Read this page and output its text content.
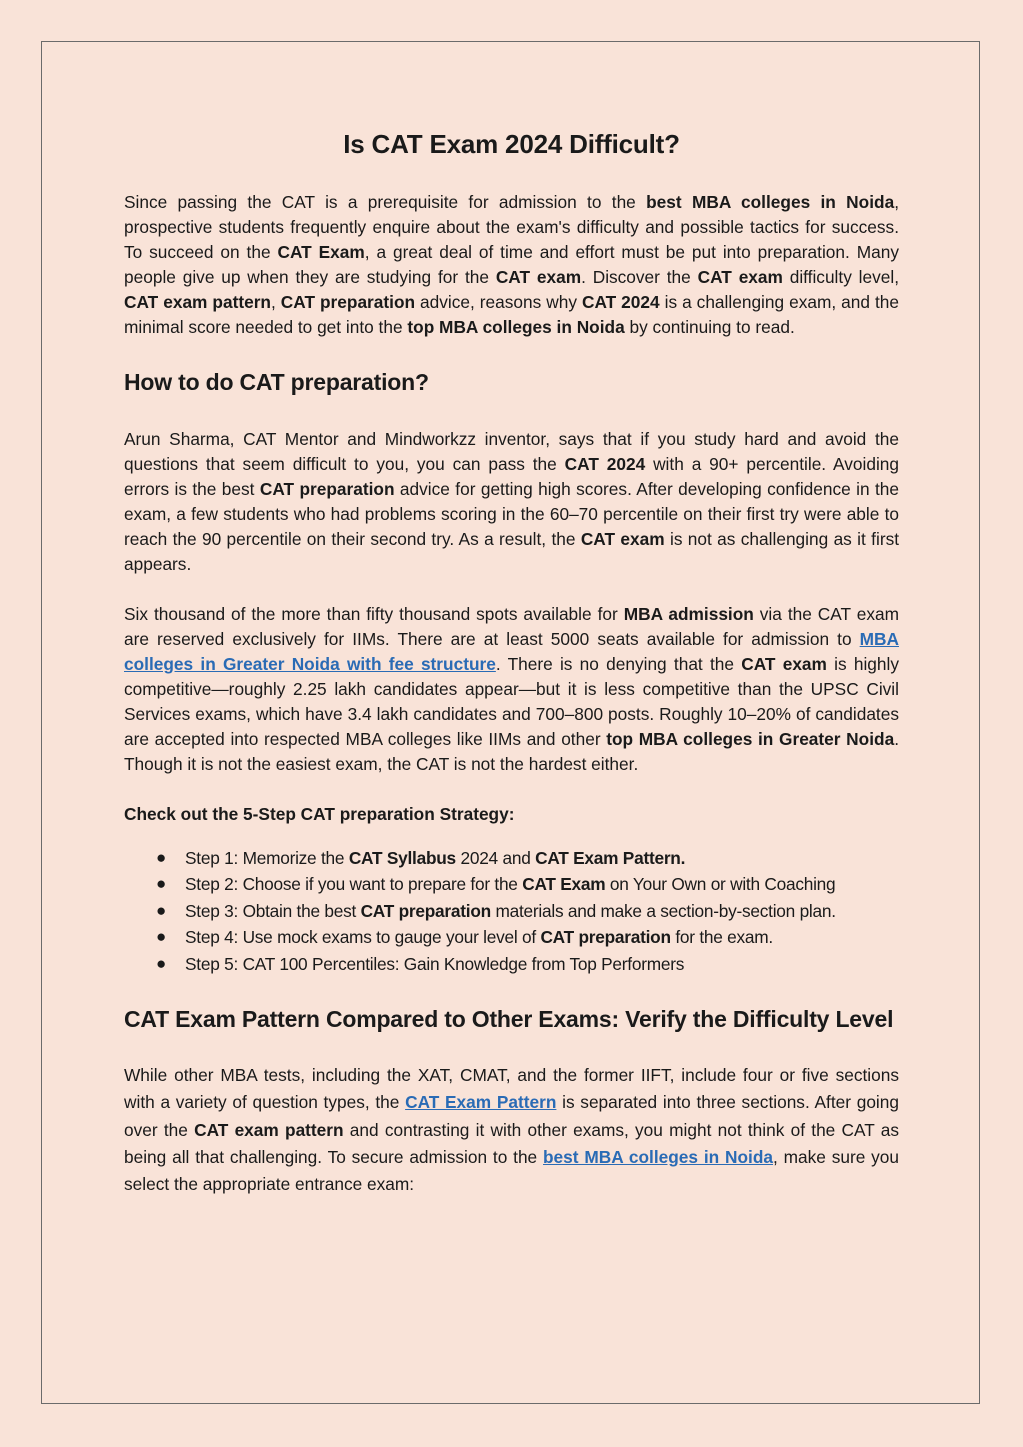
Is CAT Exam 2024 Difficult?

Since passing the CAT is a prerequisite for admission to the best MBA colleges in Noida, prospective students frequently enquire about the exam's difficulty and possible tactics for success. To succeed on the CAT Exam, a great deal of time and effort must be put into preparation. Many people give up when they are studying for the CAT exam. Discover the CAT exam difficulty level, CAT exam pattern, CAT preparation advice, reasons why CAT 2024 is a challenging exam, and the minimal score needed to get into the top MBA colleges in Noida by continuing to read.

How to do CAT preparation?

Arun Sharma, CAT Mentor and Mindworkzz inventor, says that if you study hard and avoid the questions that seem difficult to you, you can pass the CAT 2024 with a 90+ percentile. Avoiding errors is the best CAT preparation advice for getting high scores. After developing confidence in the exam, a few students who had problems scoring in the 60–70 percentile on their first try were able to reach the 90 percentile on their second try. As a result, the CAT exam is not as challenging as it first appears.

Six thousand of the more than fifty thousand spots available for MBA admission via the CAT exam are reserved exclusively for IIMs. There are at least 5000 seats available for admission to MBA colleges in Greater Noida with fee structure. There is no denying that the CAT exam is highly competitive—roughly 2.25 lakh candidates appear—but it is less competitive than the UPSC Civil Services exams, which have 3.4 lakh candidates and 700–800 posts. Roughly 10–20% of candidates are accepted into respected MBA colleges like IIMs and other top MBA colleges in Greater Noida. Though it is not the easiest exam, the CAT is not the hardest either.

Check out the 5-Step CAT preparation Strategy:

● Step 1: Memorize the CAT Syllabus 2024 and CAT Exam Pattern.
● Step 2: Choose if you want to prepare for the CAT Exam on Your Own or with Coaching
● Step 3: Obtain the best CAT preparation materials and make a section-by-section plan.
● Step 4: Use mock exams to gauge your level of CAT preparation for the exam.
● Step 5: CAT 100 Percentiles: Gain Knowledge from Top Performers
CAT Exam Pattern Compared to Other Exams: Verify the Difficulty Level

While other MBA tests, including the XAT, CMAT, and the former IIFT, include four or five sections with a variety of question types, the CAT Exam Pattern is separated into three sections. After going over the CAT exam pattern and contrasting it with other exams, you might not think of the CAT as being all that challenging. To secure admission to the best MBA colleges in Noida, make sure you select the appropriate entrance exam:
